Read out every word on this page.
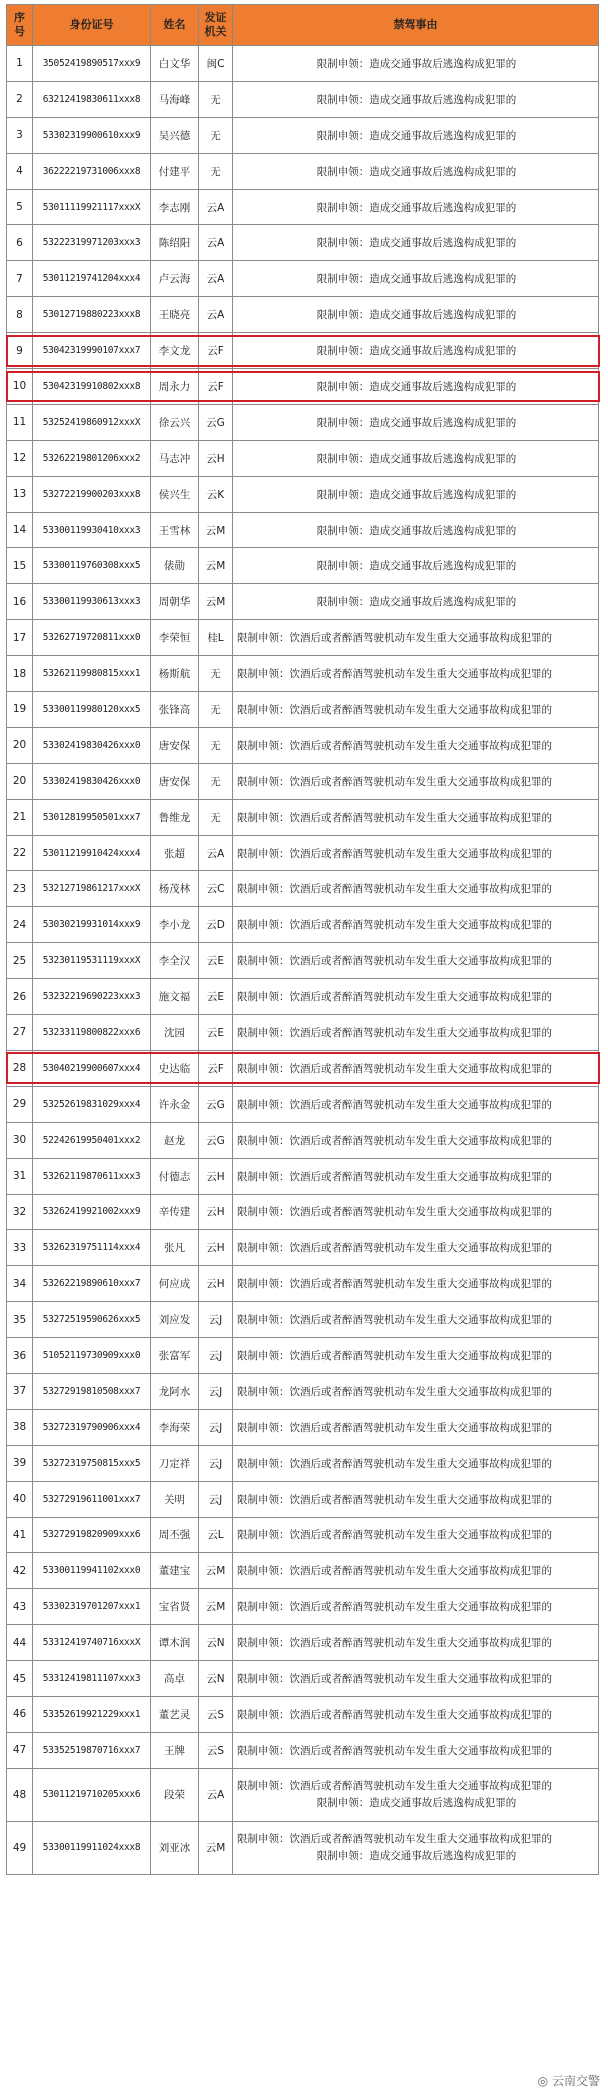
序号	身份证号	姓名	发证机关	禁驾事由
1	35052419890517xxx9	白文华	闽C	限制申领：造成交通事故后逃逸构成犯罪的

2	63212419830611xxx8	马海峰	无	限制申领：造成交通事故后逃逸构成犯罪的

3	53302319900610xxx9	吴兴德	无	限制申领：造成交通事故后逃逸构成犯罪的

4	36222219731006xxx8	付建平	无	限制申领：造成交通事故后逃逸构成犯罪的

5	53011119921117xxxX	李志刚	云A	限制申领：造成交通事故后逃逸构成犯罪的

6	53222319971203xxx3	陈绍阳	云A	限制申领：造成交通事故后逃逸构成犯罪的

7	53011219741204xxx4	卢云海	云A	限制申领：造成交通事故后逃逸构成犯罪的

8	53012719880223xxx8	王晓亮	云A	限制申领：造成交通事故后逃逸构成犯罪的

9	53042319990107xxx7	李文龙	云F	限制申领：造成交通事故后逃逸构成犯罪的

10	53042319910802xxx8	周永力	云F	限制申领：造成交通事故后逃逸构成犯罪的

11	53252419860912xxxX	徐云兴	云G	限制申领：造成交通事故后逃逸构成犯罪的

12	53262219801206xxx2	马志冲	云H	限制申领：造成交通事故后逃逸构成犯罪的

13	53272219900203xxx8	侯兴生	云K	限制申领：造成交通事故后逃逸构成犯罪的

14	53300119930410xxx3	王雪林	云M	限制申领：造成交通事故后逃逸构成犯罪的

15	53300119760308xxx5	俵勋	云M	限制申领：造成交通事故后逃逸构成犯罪的

16	53300119930613xxx3	周朝华	云M	限制申领：造成交通事故后逃逸构成犯罪的

17	53262719720811xxx0	李荣恒	桂L	限制申领：饮酒后或者醉酒驾驶机动车发生重大交通事故构成犯罪的

18	53262119980815xxx1	杨斯航	无	限制申领：饮酒后或者醉酒驾驶机动车发生重大交通事故构成犯罪的

19	53300119980120xxx5	张锋高	无	限制申领：饮酒后或者醉酒驾驶机动车发生重大交通事故构成犯罪的

20	53302419830426xxx0	唐安保	无	限制申领：饮酒后或者醉酒驾驶机动车发生重大交通事故构成犯罪的

20	53302419830426xxx0	唐安保	无	限制申领：饮酒后或者醉酒驾驶机动车发生重大交通事故构成犯罪的

21	53012819950501xxx7	鲁维龙	无	限制申领：饮酒后或者醉酒驾驶机动车发生重大交通事故构成犯罪的

22	53011219910424xxx4	张超	云A	限制申领：饮酒后或者醉酒驾驶机动车发生重大交通事故构成犯罪的

23	53212719861217xxxX	杨茂林	云C	限制申领：饮酒后或者醉酒驾驶机动车发生重大交通事故构成犯罪的

24	53030219931014xxx9	李小龙	云D	限制申领：饮酒后或者醉酒驾驶机动车发生重大交通事故构成犯罪的

25	53230119531119xxxX	李全汉	云E	限制申领：饮酒后或者醉酒驾驶机动车发生重大交通事故构成犯罪的

26	53232219690223xxx3	施文福	云E	限制申领：饮酒后或者醉酒驾驶机动车发生重大交通事故构成犯罪的

27	53233119800822xxx6	沈园	云E	限制申领：饮酒后或者醉酒驾驶机动车发生重大交通事故构成犯罪的

28	53040219900607xxx4	史达临	云F	限制申领：饮酒后或者醉酒驾驶机动车发生重大交通事故构成犯罪的

29	53252619831029xxx4	许永金	云G	限制申领：饮酒后或者醉酒驾驶机动车发生重大交通事故构成犯罪的

30	52242619950401xxx2	赵龙	云G	限制申领：饮酒后或者醉酒驾驶机动车发生重大交通事故构成犯罪的

31	53262119870611xxx3	付德志	云H	限制申领：饮酒后或者醉酒驾驶机动车发生重大交通事故构成犯罪的

32	53262419921002xxx9	辛传建	云H	限制申领：饮酒后或者醉酒驾驶机动车发生重大交通事故构成犯罪的

33	53262319751114xxx4	张凡	云H	限制申领：饮酒后或者醉酒驾驶机动车发生重大交通事故构成犯罪的

34	53262219890610xxx7	何应成	云H	限制申领：饮酒后或者醉酒驾驶机动车发生重大交通事故构成犯罪的

35	53272519590626xxx5	刘应发	云J	限制申领：饮酒后或者醉酒驾驶机动车发生重大交通事故构成犯罪的

36	51052119730909xxx0	张富军	云J	限制申领：饮酒后或者醉酒驾驶机动车发生重大交通事故构成犯罪的

37	53272919810508xxx7	龙阿水	云J	限制申领：饮酒后或者醉酒驾驶机动车发生重大交通事故构成犯罪的

38	53272319790906xxx4	李海荣	云J	限制申领：饮酒后或者醉酒驾驶机动车发生重大交通事故构成犯罪的

39	53272319750815xxx5	刀定祥	云J	限制申领：饮酒后或者醉酒驾驶机动车发生重大交通事故构成犯罪的

40	53272919611001xxx7	关明	云J	限制申领：饮酒后或者醉酒驾驶机动车发生重大交通事故构成犯罪的

41	53272919820909xxx6	周丕强	云L	限制申领：饮酒后或者醉酒驾驶机动车发生重大交通事故构成犯罪的

42	53300119941102xxx0	董建宝	云M	限制申领：饮酒后或者醉酒驾驶机动车发生重大交通事故构成犯罪的

43	53302319701207xxx1	宝省贤	云M	限制申领：饮酒后或者醉酒驾驶机动车发生重大交通事故构成犯罪的

44	53312419740716xxxX	谭木润	云N	限制申领：饮酒后或者醉酒驾驶机动车发生重大交通事故构成犯罪的

45	53312419811107xxx3	高卓	云N	限制申领：饮酒后或者醉酒驾驶机动车发生重大交通事故构成犯罪的

46	53352619921229xxx1	董艺灵	云S	限制申领：饮酒后或者醉酒驾驶机动车发生重大交通事故构成犯罪的

47	53352519870716xxx7	王牌	云S	限制申领：饮酒后或者醉酒驾驶机动车发生重大交通事故构成犯罪的

48	53011219710205xxx6	段荣	云A	限制申领：饮酒后或者醉酒驾驶机动车发生重大交通事故构成犯罪的
限制申领：造成交通事故后逃逸构成犯罪的

49	53300119911024xxx8	刘亚冰	云M	限制申领：饮酒后或者醉酒驾驶机动车发生重大交通事故构成犯罪的
限制申领：造成交通事故后逃逸构成犯罪的
◎ 云南交警
